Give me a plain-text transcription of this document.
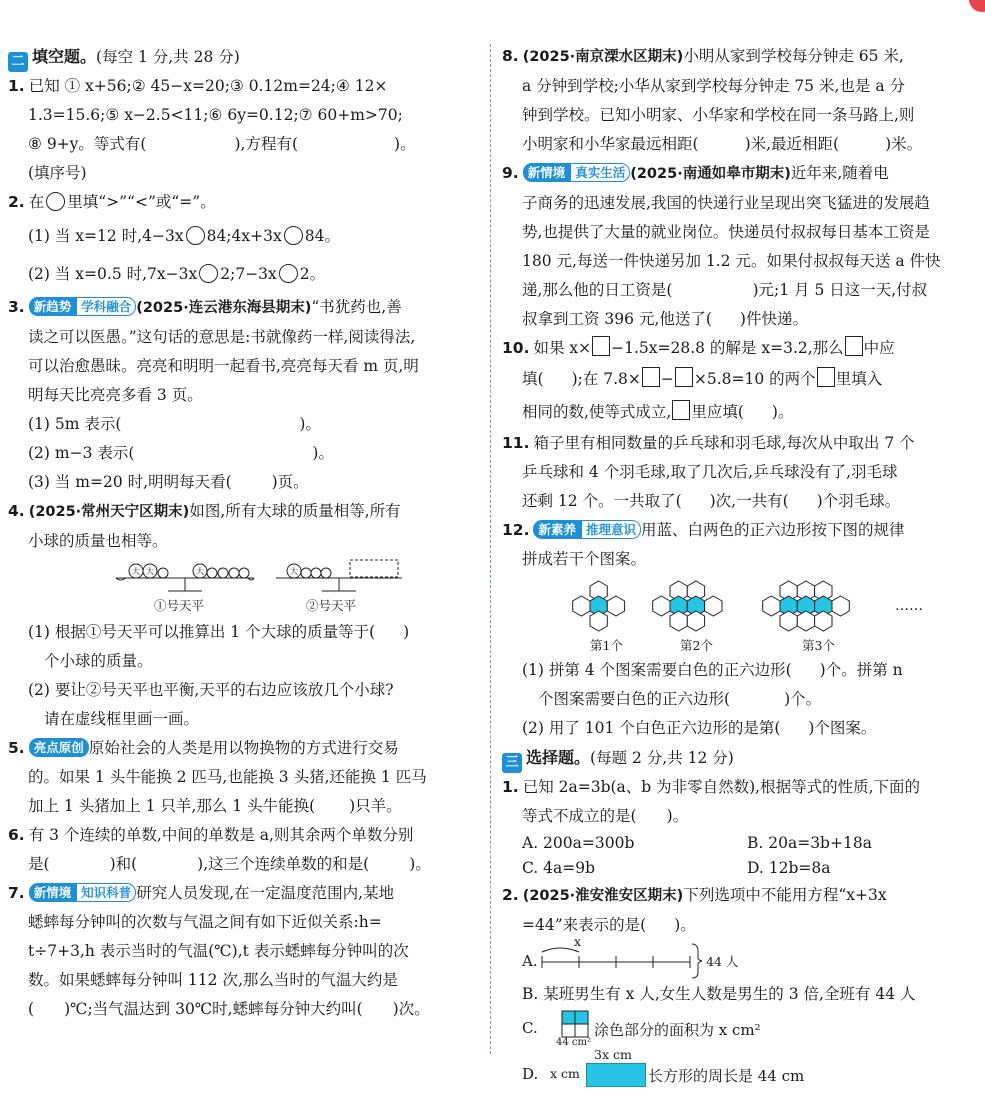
二 填空题。(每空 1 分,共 28 分)
1. 已知 ① x+56;② 45−x=20;③ 0.12m=24;④ 12×
1.3=15.6;⑤ x−2.5<11;⑥ 6y=0.12;⑦ 60+m>70;
⑧ 9+y。等式有(	),方程有(	)。
(填序号)
2. 在 里填“>”“<”或“=”。
(1) 当 x=12 时,4−3x 84;4x+3x 84。
(2) 当 x=0.5 时,7x−3x 2;7−3x 2。
3. 新趋势 学科融合 (2025·连云港东海县期末)“书犹药也,善
读之可以医愚。”这句话的意思是:书就像药一样,阅读得法,
可以治愈愚昧。亮亮和明明一起看书,亮亮每天看 m 页,明
明每天比亮亮多看 3 页。
(1) 5m 表示(	)。
(2) m−3 表示(	)。
(3) 当 m=20 时,明明每天看(	)页。
4. (2025·常州天宁区期末)如图,所有大球的质量相等,所有
小球的质量也相等。
大 大	大	大
①号天平	②号天平
(1) 根据①号天平可以推算出 1 个大球的质量等于( )
个小球的质量。
(2) 要让②号天平也平衡,天平的右边应该放几个小球?
请在虚线框里画一画。
5. 亮点原创 原始社会的人类是用以物换物的方式进行交易
的。如果 1 头牛能换 2 匹马,也能换 3 头猪,还能换 1 匹马
加上 1 头猪加上 1 只羊,那么 1 头牛能换( )只羊。
6. 有 3 个连续的单数,中间的单数是 a,则其余两个单数分别
是(	)和(	),这三个连续单数的和是(	)。
7. 新情境 知识科普 研究人员发现,在一定温度范围内,某地
蟋蟀每分钟叫的次数与气温之间有如下近似关系:h=
t÷7+3,h 表示当时的气温(℃),t 表示蟋蟀每分钟叫的次
数。如果蟋蟀每分钟叫 112 次,那么当时的气温大约是
( )℃;当气温达到 30℃时,蟋蟀每分钟大约叫( )次。
8. (2025·南京溧水区期末)小明从家到学校每分钟走 65 米,
a 分钟到学校;小华从家到学校每分钟走 75 米,也是 a 分
钟到学校。已知小明家、小华家和学校在同一条马路上,则
小明家和小华家最远相距(	)米,最近相距(	)米。
9. 新情境 真实生活 (2025·南通如皋市期末)近年来,随着电
子商务的迅速发展,我国的快递行业呈现出突飞猛进的发展趋
势,也提供了大量的就业岗位。快递员付叔叔每日基本工资是
180 元,每送一件快递另加 1.2 元。如果付叔叔每天送 a 件快
递,那么他的日工资是(	)元;1 月 5 日这一天,付叔
叔拿到工资 396 元,他送了( )件快递。
10. 如果 x× −1.5x=28.8 的解是 x=3.2,那么 中应
填( );在 7.8× − ×5.8=10 的两个 里填入
相同的数,使等式成立, 里应填( )。
11. 箱子里有相同数量的乒乓球和羽毛球,每次从中取出 7 个
乒乓球和 4 个羽毛球,取了几次后,乒乓球没有了,羽毛球
还剩 12 个。一共取了( )次,一共有( )个羽毛球。
12. 新素养 推理意识 用蓝、白两色的正六边形按下图的规律
拼成若干个图案。
第1个	第2个	第3个
……
(1) 拼第 4 个图案需要白色的正六边形( )个。拼第 n
个图案需要白色的正六边形(	)个。
(2) 用了 101 个白色正六边形的是第( )个图案。
三 选择题。(每题 2 分,共 12 分)
1. 已知 2a=3b(a、b 为非零自然数),根据等式的性质,下面的
等式不成立的是( )。
A. 200a=300b	B. 20a=3b+18a
C. 4a=9b	D. 12b=8a
2. (2025·淮安淮安区期末)下列选项中不能用方程“x+3x
=44”来表示的是( )。
A.
x
44 人
B. 某班男生有 x 人,女生人数是男生的 3 倍,全班有 44 人
C.
44 cm²
涂色部分的面积为 x cm²
D. x cm
3x cm
长方形的周长是 44 cm
